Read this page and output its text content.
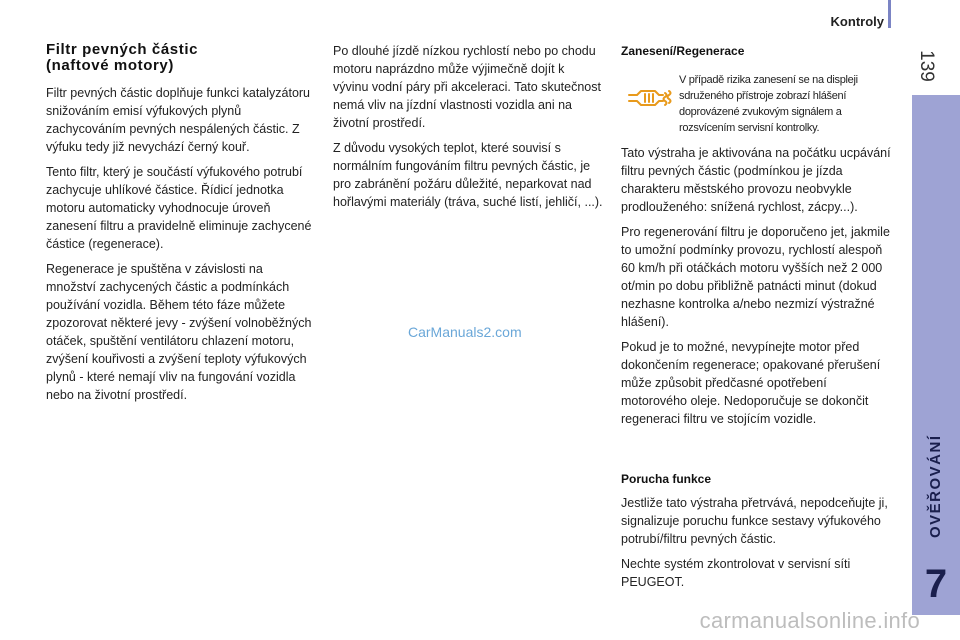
Kontroly
139
OVĚŘOVÁNÍ
7
Filtr pevných částic
(naftové motory)

Filtr pevných částic doplňuje funkci katalyzátoru snižováním emisí výfukových plynů zachycováním pevných nespálených částic. Z výfuku tedy již nevychází černý kouř.

Tento filtr, který je součástí výfukového potrubí zachycuje uhlíkové částice. Řídicí jednotka motoru automaticky vyhodnocuje úroveň zanesení filtru a pravidelně eliminuje zachycené částice (regenerace).

Regenerace je spuštěna v závislosti na množství zachycených částic a podmínkách používání vozidla. Během této fáze můžete zpozorovat některé jevy - zvýšení volnoběžných otáček, spuštění ventilátoru chlazení motoru, zvýšení kouřivosti a zvýšení teploty výfukových plynů - které nemají vliv na fungování vozidla nebo na životní prostředí.

Po dlouhé jízdě nízkou rychlostí nebo po chodu motoru naprázdno může výjimečně dojít k vývinu vodní páry při akceleraci. Tato skutečnost nemá vliv na jízdní vlastnosti vozidla ani na životní prostředí.

Z důvodu vysokých teplot, které souvisí s normálním fungováním filtru pevných částic, je pro zabránění požáru důležité, neparkovat nad hořlavými materiály (tráva, suché listí, jehličí, ...).

Zanesení/Regenerace
V případě rizika zanesení se na displeji sdruženého přístroje zobrazí hlášení doprovázené zvukovým signálem a rozsvícením servisní kontrolky.

Tato výstraha je aktivována na počátku ucpávání filtru pevných částic (podmínkou je jízda charakteru městského provozu neobvykle prodlouženého: snížená rychlost, zácpy...).

Pro regenerování filtru je doporučeno jet, jakmile to umožní podmínky provozu, rychlostí alespoň 60 km/h při otáčkách motoru vyšších než 2 000 ot/min po dobu přibližně patnácti minut (dokud nezhasne kontrolka a/nebo nezmizí výstražné hlášení).

Pokud je to možné, nevypínejte motor před dokončením regenerace; opakované přerušení může způsobit předčasné opotřebení motorového oleje. Nedoporučuje se dokončit regeneraci filtru ve stojícím vozidle.

Porucha funkce

Jestliže tato výstraha přetrvává, nepodceňujte ji, signalizuje poruchu funkce sestavy výfukového potrubí/filtru pevných částic.

Nechte systém zkontrolovat v servisní síti PEUGEOT.

CarManuals2.com
carmanualsonline.info
